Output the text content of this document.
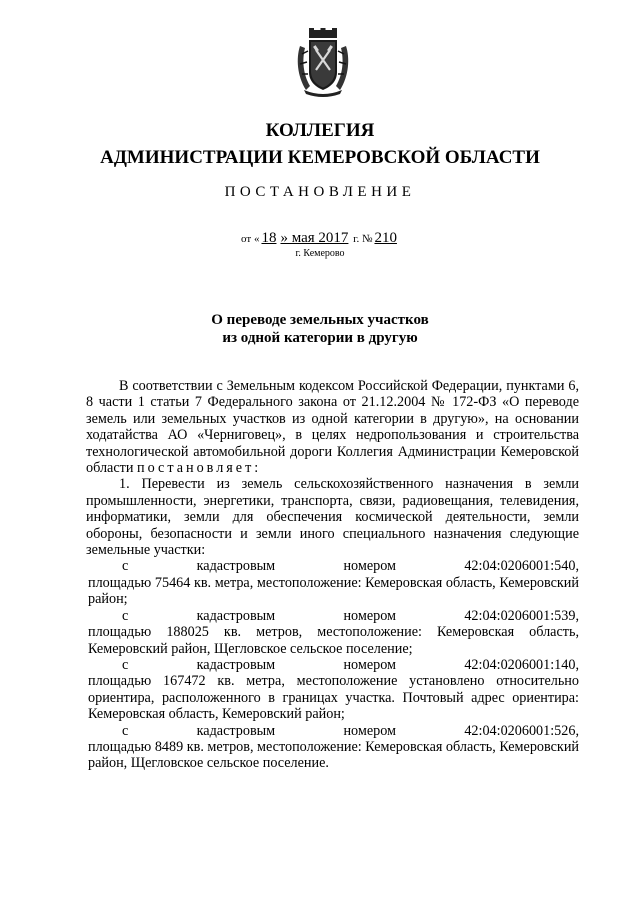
КОЛЛЕГИЯ
АДМИНИСТРАЦИИ КЕМЕРОВСКОЙ ОБЛАСТИ
ПОСТАНОВЛЕНИЕ
от « 18 » мая 2017 г. № 210
г. Кемерово
О переводе земельных участков
из одной категории в другую

В соответствии с Земельным кодексом Российской Федерации, пунктами 6, 8 части 1 статьи 7 Федерального закона от 21.12.2004 № 172-ФЗ «О переводе земель или земельных участков из одной категории в другую», на основании ходатайства АО «Черниговец», в целях недропользования и строительства технологической автомобильной дороги Коллегия Администрации Кемеровской области постановляет:

1. Перевести из земель сельскохозяйственного назначения в земли промышленности, энергетики, транспорта, связи, радиовещания, телевидения, информатики, земли для обеспечения космической деятельности, земли обороны, безопасности и земли иного специального назначения следующие земельные участки:

с	кадастровым	номером	42:04:0206001:540,

площадью 75464 кв. метра, местоположение: Кемеровская область, Кемеровский район;

с	кадастровым	номером	42:04:0206001:539,

площадью 188025 кв. метров, местоположение: Кемеровская область, Кемеровский район, Щегловское сельское поселение;

с	кадастровым	номером	42:04:0206001:140,

площадью 167472 кв. метра, местоположение установлено относительно ориентира, расположенного в границах участка. Почтовый адрес ориентира: Кемеровская область, Кемеровский район;

с	кадастровым	номером	42:04:0206001:526,

площадью 8489 кв. метров, местоположение: Кемеровская область, Кемеровский район, Щегловское сельское поселение.
